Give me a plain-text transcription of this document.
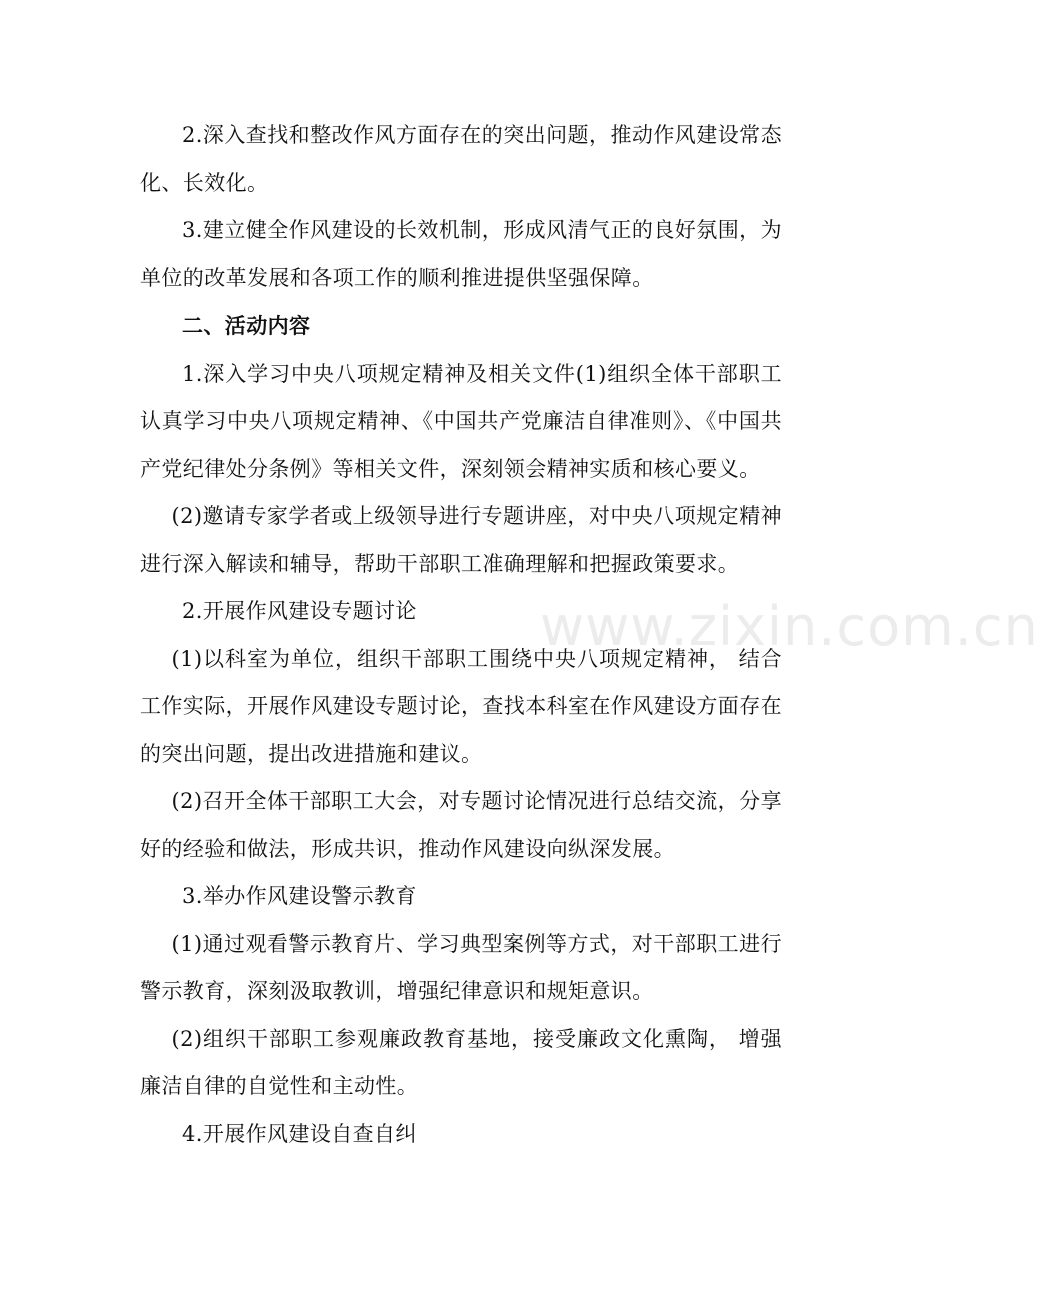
2.深入查找和整改作风方面存在的突出问题，推动作风建设常态化、长效化。

3.建立健全作风建设的长效机制，形成风清气正的良好氛围，为单位的改革发展和各项工作的顺利推进提供坚强保障。

二、活动内容

1.深入学习中央八项规定精神及相关文件(1)组织全体干部职工认真学习中央八项规定精神、《中国共产党廉洁自律准则》、《中国共产党纪律处分条例》等相关文件，深刻领会精神实质和核心要义。

(2)邀请专家学者或上级领导进行专题讲座，对中央八项规定精神进行深入解读和辅导，帮助干部职工准确理解和把握政策要求。

2.开展作风建设专题讨论

(1)以科室为单位，组织干部职工围绕中央八项规定精神， 结合工作实际，开展作风建设专题讨论，查找本科室在作风建设方面存在的突出问题，提出改进措施和建议。

(2)召开全体干部职工大会，对专题讨论情况进行总结交流，分享好的经验和做法，形成共识，推动作风建设向纵深发展。

3.举办作风建设警示教育

(1)通过观看警示教育片、学习典型案例等方式，对干部职工进行警示教育，深刻汲取教训，增强纪律意识和规矩意识。

(2)组织干部职工参观廉政教育基地，接受廉政文化熏陶， 增强廉洁自律的自觉性和主动性。

4.开展作风建设自查自纠

www.zixin.com.cn
